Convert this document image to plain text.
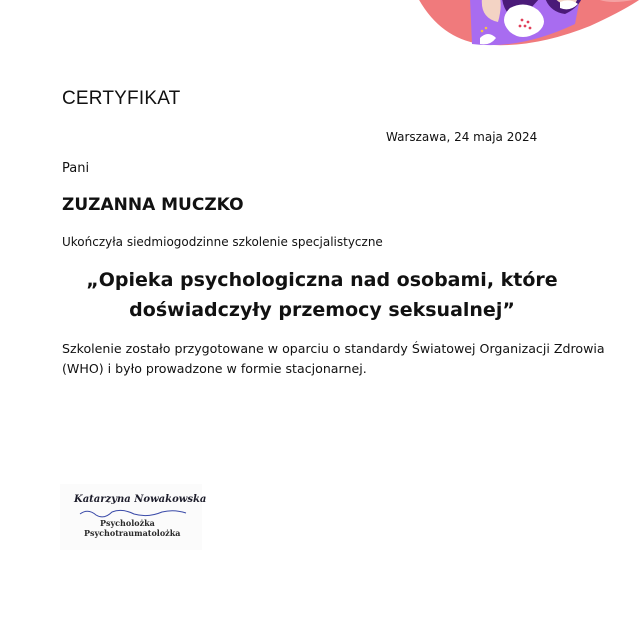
CERTYFIKAT
Warszawa, 24 maja 2024
Pani
ZUZANNA MUCZKO
Ukończyła siedmiogodzinne szkolenie specjalistyczne
„Opieka psychologiczna nad osobami, które doświadczyły przemocy seksualnej”
Szkolenie zostało przygotowane w oparciu o standardy Światowej Organizacji Zdrowia (WHO) i było prowadzone w formie stacjonarnej.
Katarzyna Nowakowska
Psycholożka
Psychotraumatolożka
